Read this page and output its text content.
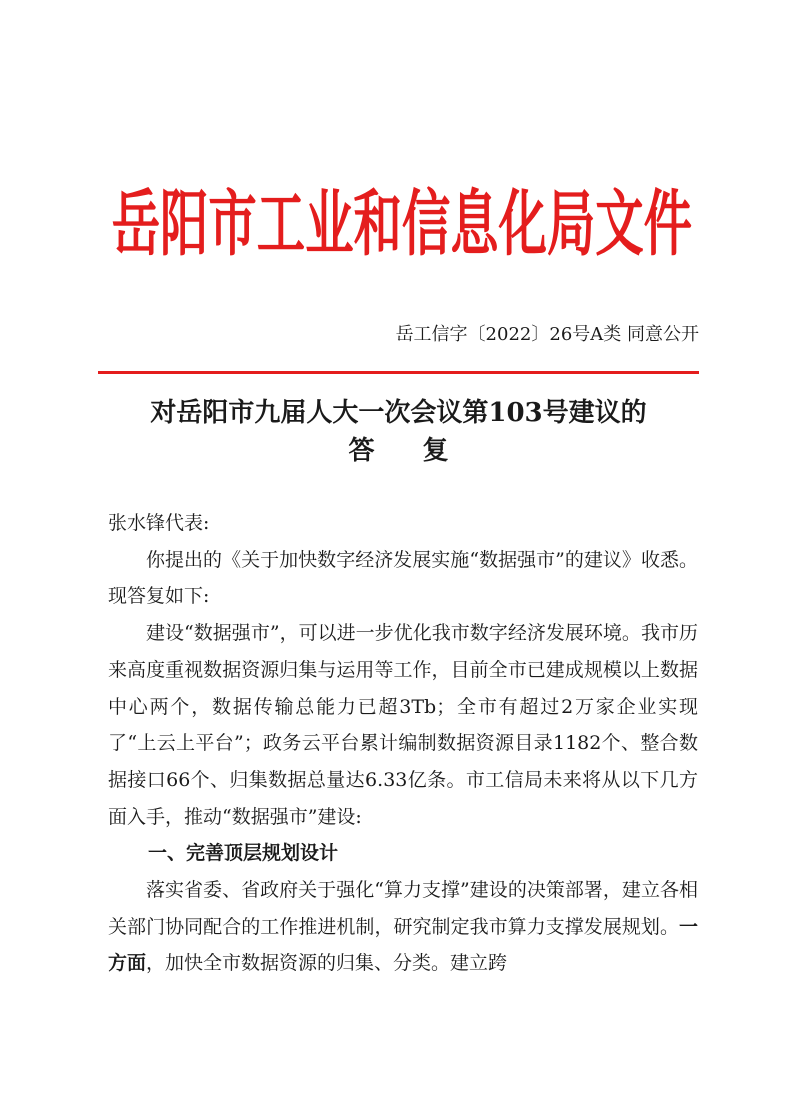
岳阳市工业和信息化局文件
岳工信字〔2022〕26号A类 同意公开
对岳阳市九届人大一次会议第103号建议的
答复

张水锋代表:

你提出的《关于加快数字经济发展实施“数据强市”的建议》收悉。现答复如下:

建设“数据强市”，可以进一步优化我市数字经济发展环境。我市历来高度重视数据资源归集与运用等工作，目前全市已建成规模以上数据中心两个，数据传输总能力已超3Tb；全市有超过2万家企业实现了“上云上平台”；政务云平台累计编制数据资源目录1182个、整合数据接口66个、归集数据总量达6.33亿条。市工信局未来将从以下几方面入手，推动“数据强市”建设:

一、完善顶层规划设计

落实省委、省政府关于强化“算力支撑”建设的决策部署，建立各相关部门协同配合的工作推进机制，研究制定我市算力支撑发展规划。一方面，加快全市数据资源的归集、分类。建立跨
